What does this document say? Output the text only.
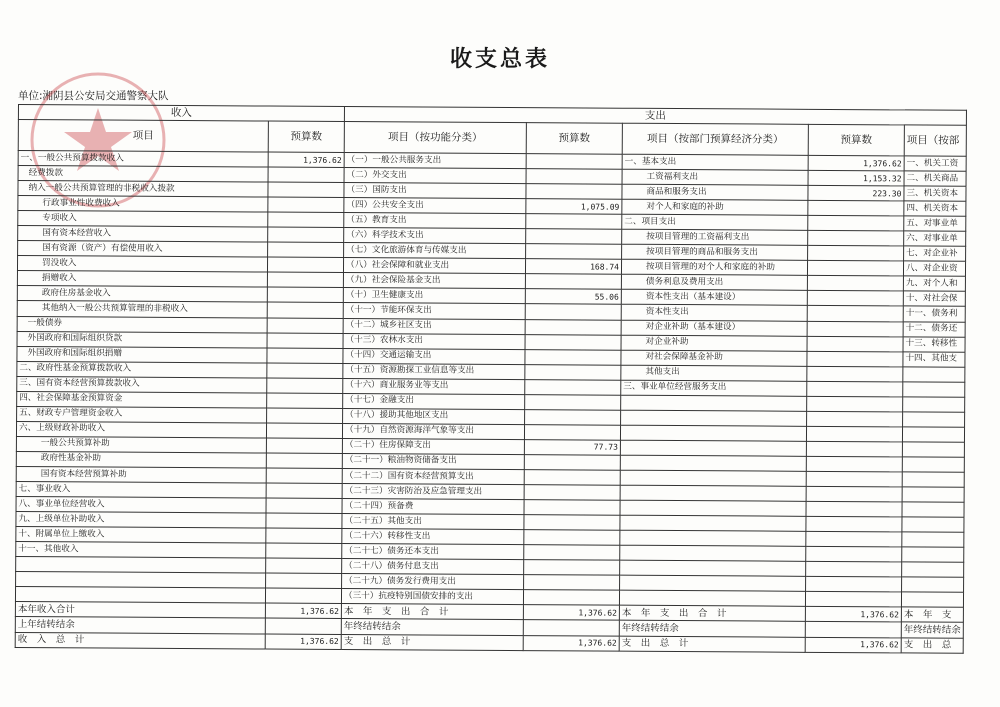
收支总表
单位:湘阴县公安局交通警察大队
收入		支出				
项目	预算数	项目（按功能分类）	预算数	项目（按部门预算经济分类）	预算数	项目（按部
一、一般公共预算拨款收入	1,376.62	（一）一般公共服务支出		一、基本支出	1,376.62	一、机关工资
经费拨款		（二）外交支出		工资福利支出	1,153.32	二、机关商品
纳入一般公共预算管理的非税收入拨款		（三）国防支出		商品和服务支出	223.30	三、机关资本
行政事业性收费收入		（四）公共安全支出	1,075.09	对个人和家庭的补助		四、机关资本
专项收入		（五）教育支出		二、项目支出		五、对事业单
国有资本经营收入		（六）科学技术支出		按项目管理的工资福利支出		六、对事业单
国有资源（资产）有偿使用收入		（七）文化旅游体育与传媒支出		按项目管理的商品和服务支出		七、对企业补
罚没收入		（八）社会保障和就业支出	168.74	按项目管理的对个人和家庭的补助		八、对企业资
捐赠收入		（九）社会保险基金支出		债务利息及费用支出		九、对个人和
政府住房基金收入		（十）卫生健康支出	55.06	资本性支出（基本建设）		十、对社会保
其他纳入一般公共预算管理的非税收入		（十一）节能环保支出		资本性支出		十一、债务利
一般债券		（十二）城乡社区支出		对企业补助（基本建设）		十二、债务还
外国政府和国际组织贷款		（十三）农林水支出		对企业补助		十三、转移性
外国政府和国际组织捐赠		（十四）交通运输支出		对社会保障基金补助		十四、其他支
二、政府性基金预算拨款收入		（十五）资源勘探工业信息等支出		其他支出		
三、国有资本经营预算拨款收入		（十六）商业服务业等支出		三、事业单位经营服务支出		
四、社会保障基金预算资金		（十七）金融支出				
五、财政专户管理资金收入		（十八）援助其他地区支出				
六、上级财政补助收入		（十九）自然资源海洋气象等支出				
一般公共预算补助		（二十）住房保障支出	77.73			
政府性基金补助		（二十一）粮油物资储备支出				
国有资本经营预算补助		（二十二）国有资本经营预算支出				
七、事业收入		（二十三）灾害防治及应急管理支出				
八、事业单位经营收入		（二十四）预备费				
九、上级单位补助收入		（二十五）其他支出				
十、附属单位上缴收入		（二十六）转移性支出				
十一、其他收入		（二十七）债务还本支出				
		（二十八）债务付息支出				
		（二十九）债务发行费用支出				
		（三十）抗疫特别国债安排的支出				
本年收入合计	1,376.62	本　年　支　出　合　计	1,376.62	本　年　支　出　合　计	1,376.62	本　年　支
上年结转结余		年终结转结余		年终结转结余		年终结转结余
收　入　总　计	1,376.62	支　出　总　计	1,376.62	支　出　总　计	1,376.62	支　出　总
